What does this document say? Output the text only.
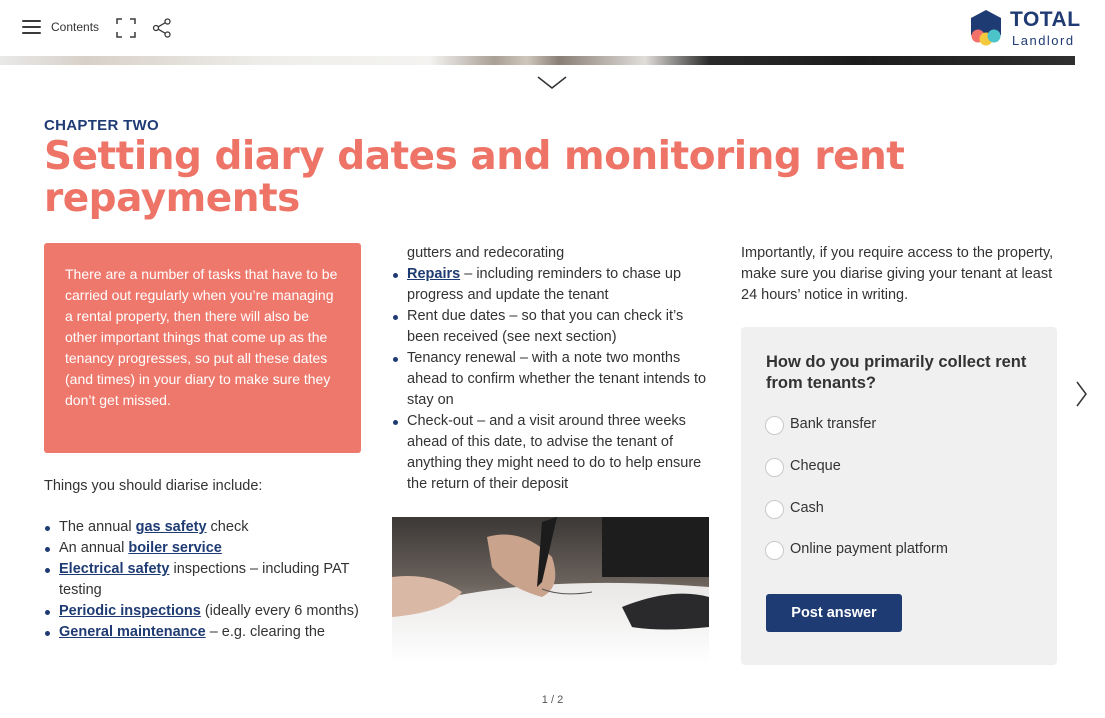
Contents	TOTAL
Landlord
CHAPTER TWO
Setting diary dates and monitoring rent repayments
There are a number of tasks that have to be carried out regularly when you’re managing a rental property, then there will also be other important things that come up as the tenancy progresses, so put all these dates (and times) in your diary to make sure they don’t get missed.
Things you should diarise include:
The annual gas safety check
An annual boiler service
Electrical safety inspections – including PAT testing
Periodic inspections (ideally every 6 months)
General maintenance – e.g. clearing the
gutters and redecorating
Repairs – including reminders to chase up progress and update the tenant
Rent due dates – so that you can check it’s been received (see next section)
Tenancy renewal – with a note two months ahead to confirm whether the tenant intends to stay on
Check-out – and a visit around three weeks ahead of this date, to advise the tenant of anything they might need to do to help ensure the return of their deposit
Importantly, if you require access to the property, make sure you diarise giving your tenant at least 24 hours’ notice in writing.
How do you primarily collect rent from tenants?
Bank transfer
Cheque
Cash
Online payment platform
Post answer
1 / 2
